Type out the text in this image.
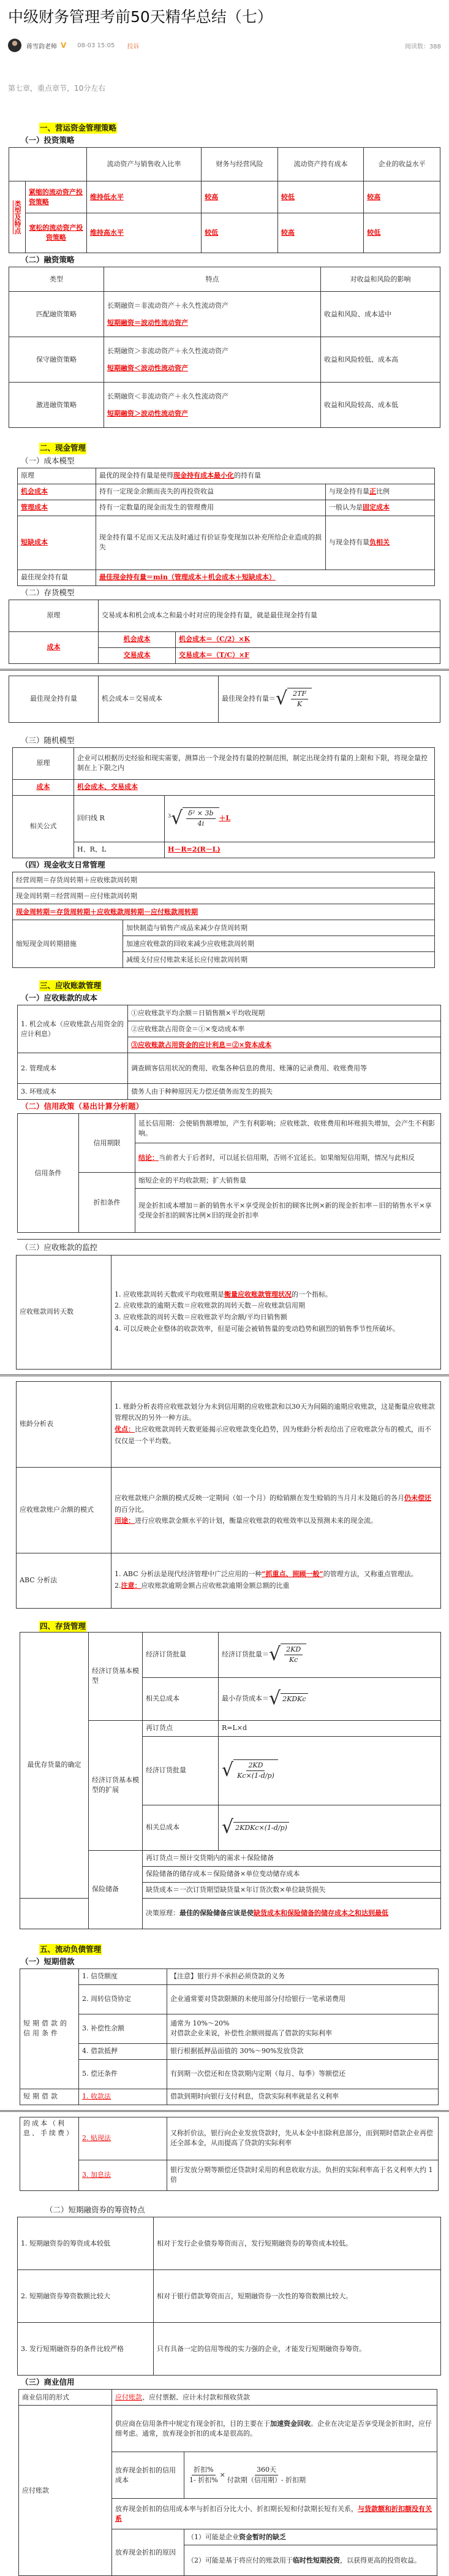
中级财务管理考前50天精华总结（七）
蒋雪韵老师 V 08-03 15:05 投诉	阅读数：388
第七章，重点章节，10分左右
一、营运资金管理策略
（一）投资策略
		流动资产与销售收入比率	财务与经营风险	流动资产持有成本	企业的收益水平
类型及特点	紧缩的流动资产投资策略	维持低水平	较高	较低	较高
	宽松的流动资产投资策略	维持高水平	较低	较高	较低
（二）融资策略
类型	特点	对收益和风险的影响
匹配融资策略	长期融资＝非流动资产＋永久性流动资产
短期融资＝波动性流动资产	收益和风险、成本适中
保守融资策略	长期融资＞非流动资产＋永久性流动资产
短期融资＜波动性流动资产	收益和风险较低、成本高
激进融资策略	长期融资＜非流动资产＋永久性流动资产
短期融资＞波动性流动资产	收益和风险较高、成本低
二、现金管理
（一）成本模型
原理	最优的现金持有量是使得现金持有成本最小化的持有量	
机会成本	持有一定现金余额而丧失的再投资收益	与现金持有量正比例
管理成本	持有一定数量的现金而发生的管理费用	一般认为是固定成本
短缺成本	现金持有量不足而又无法及时通过有价证券变现加以补充所给企业造成的损失	与现金持有量负相关
最佳现金持有量	最佳现金持有量＝min（管理成本＋机会成本＋短缺成本）	
（二）存货模型
原理	交易成本和机会成本之和最小时对应的现金持有量，就是最佳现金持有量	
成本	机会成本	机会成本＝（C/2）×K
	交易成本	交易成本＝（T/C）×F
最佳现金持有量	机会成本＝交易成本	最佳现金持有量＝ √ $\frac{2TF}{K}$
（三）随机模型
原理	企业可以根据历史经验和现实需要，测算出一个现金持有量的控制范围，制定出现金持有量的上限和下限，将现金量控制在上下限之内	
成本	机会成本、交易成本	
相关公式	回归线 R	$^3$ √ $\frac{\text{δ² × 3b}}{4i} +L$
	H、R、L	H－R=2(R－L)
（四）现金收支日常管理
经营周期＝存货周转期＋应收账款周转期
现金周转期＝经营周期－应付账款周转期
现金周转期＝存货周转期＋应收账款周转期－应付账款周转期
缩短现金周转期措施	加快制造与销售产成品来减少存货周转期
加速应收账款的回收来减少应收账款周转期
减缓支付应付账款来延长应付账款周转期
三、应收账款管理
（一）应收账款的成本
1. 机会成本（应收账款占用资金的应计利息）	①应收账款平均余额＝日销售额×平均收现期
	②应收账款占用资金＝①×变动成本率
	③应收账款占用资金的应计利息＝②×资本成本
2. 管理成本	调查顾客信用状况的费用、收集各种信息的费用、账簿的记录费用、收账费用等
3. 坏账成本	债务人由于种种原因无力偿还债务而发生的损失
（二）信用政策（易出计算分析题）
信用条件	信用期限	延长信用期：会使销售额增加，产生有利影响；应收账款、收账费用和坏账损失增加，会产生不利影响。
		结论：当前者大于后者时，可以延长信用期，否则不宜延长。如果缩短信用期，情况与此相反
	折扣条件	缩短企业的平均收款期；扩大销售量
		现金折扣成本增加＝新的销售水平×享受现金折扣的顾客比例×新的现金折扣率－旧的销售水平×享受现金折扣的顾客比例×旧的现金折扣率
（三）应收账款的监控
应收账款周转天数	
1. 应收账款周转天数或平均收账期是衡量应收账款管理状况的一个指标。
2. 应收账款的逾期天数＝应收账款的周转天数－应收账款信用期
3. 应收账款的周转天数＝应收账款平均余额/平均日销售额
4. 可以反映企业整体的收款效率，但是可能会被销售量的变动趋势和剧烈的销售季节性所破坏。
账龄分析表	1. 账龄分析表将应收账款划分为未到信用期的应收账款和以30天为间隔的逾期应收账款，这是衡量应收账款管理状况的另外一种方法。
优点：比应收账款周转天数更能揭示应收账款变化趋势，因为账龄分析表给出了应收账款分布的模式，而不仅仅是一个平均数。

应收账款账户余额的模式	应收账款账户余额的模式反映一定期间（如一个月）的赊销额在发生赊销的当月月末及随后的各月仍未偿还的百分比。
用途：进行应收账款金额水平的计划，衡量应收账款的收账效率以及预测未来的现金流。

ABC 分析法	1. ABC 分析法是现代经济管理中广泛应用的一种“抓重点、照顾一般”的管理方法，又称重点管理法。
2.注意：应收账款逾期金额占应收账款逾期金额总额的比重
四、存货管理
最优存货量的确定	经济订货基本模型	经济订货批量	经济订货批量＝ √ $\frac{2KD}{Kc}$

		相关总成本	最小存货成本＝ √ 2KDKc

	经济订货基本模型的扩展	再订货点	R=L×d
		经济订货批量	√ $\frac{2KD}{Kc\times(1-d/p)}$

		相关总成本	√ 2KDKc×(1-d/p)

	保险储备	再订货点＝预计交货期内的需求＋保险储备	
		保险储备的储存成本＝保险储备×单位变动储存成本	
		缺货成本＝一次订货期望缺货量×年订货次数×单位缺货损失	
		决策原理：最佳的保险储备应该是使缺货成本和保险储备的储存成本之和达到最低	
五、流动负债管理
（一）短期借款
短期借款的信用条件	1. 信贷额度	【注意】银行并不承担必须贷款的义务
	2. 周转信贷协定	企业通常要对贷款限额的未使用部分付给银行一笔承诺费用
	3. 补偿性余额	通常为 10%～20%
对借款企业来说，补偿性余额则提高了借款的实际利率

	4. 借款抵押	银行根据抵押品面值的 30%～90%发放贷款
	5. 偿还条件	有到期一次偿还和在贷款期内定期（每月、每季）等额偿还
短期借款	1. 收款法	借款到期时向银行支付利息，贷款实际利率就是名义利率
的成本（利息、手续费）	2. 贴现法	又称折价法，银行向企业发放贷款时，先从本金中扣除利息部分，而到期时借款企业再偿还全部本金，从而提高了贷款的实际利率
	3. 加息法	银行发放分期等额偿还贷款时采用的利息收取方法。负担的实际利率高于名义利率大约 1 倍
（二）短期融资券的筹资特点
1. 短期融资券的筹资成本较低	相对于发行企业债券筹资而言，发行短期融资券的筹资成本较低。
2. 短期融资券筹资数额比较大	相对于银行借款筹资而言，短期融资券一次性的筹资数额比较大。
3. 发行短期融资券的条件比较严格	只有具备一定的信用等级的实力强的企业，才能发行短期融资券筹资。
（三）商业信用
商业信用的形式	应付账款、应付票据、应计未付款和预收货款	
应付账款	供应商在信用条件中规定有现金折扣，目的主要在于加速资金回收。企业在决定是否享受现金折扣时，应仔细考虑。通常，放弃现金折扣的成本是很高的。	
	放弃现金折扣的信用成本	$\frac{\text{折扣\%}}{\text{1- 折扣\%}} \times \frac{\text{360天}}{\text{付款期（信用期）- 折扣期}}$

	放弃现金折扣的信用成本率与折扣百分比大小、折扣期长短和付款期长短有关系，与货款额和折扣额没有关系	
	放弃现金折扣的原因	（1）可能是企业资金暂时的缺乏
		（2）可能是基于将应付的账款用于临时性短期投资，以获得更高的投资收益。
